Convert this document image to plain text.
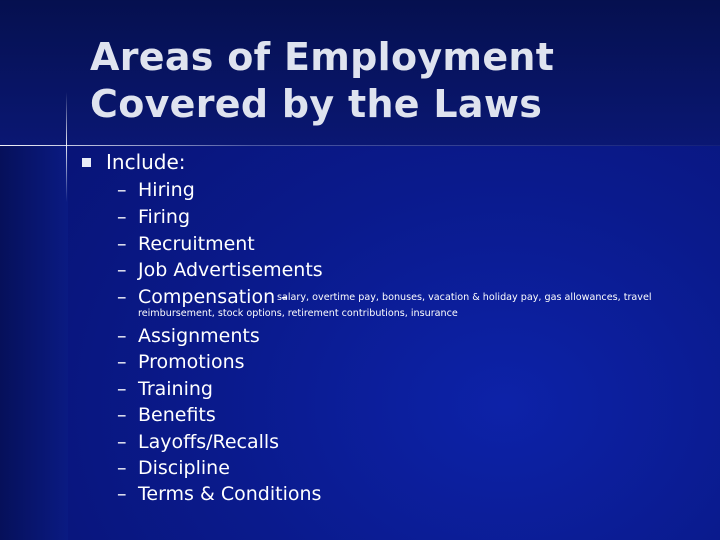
Areas of Employment
Covered by the Laws
Include:
– Hiring
– Firing
– Recruitment
– Job Advertisements
– Compensation -
salary, overtime pay, bonuses, vacation & holiday pay, gas allowances, travel
reimbursement, stock options, retirement contributions, insurance
– Assignments
– Promotions
– Training
– Benefits
– Layoffs/Recalls
– Discipline
– Terms & Conditions
